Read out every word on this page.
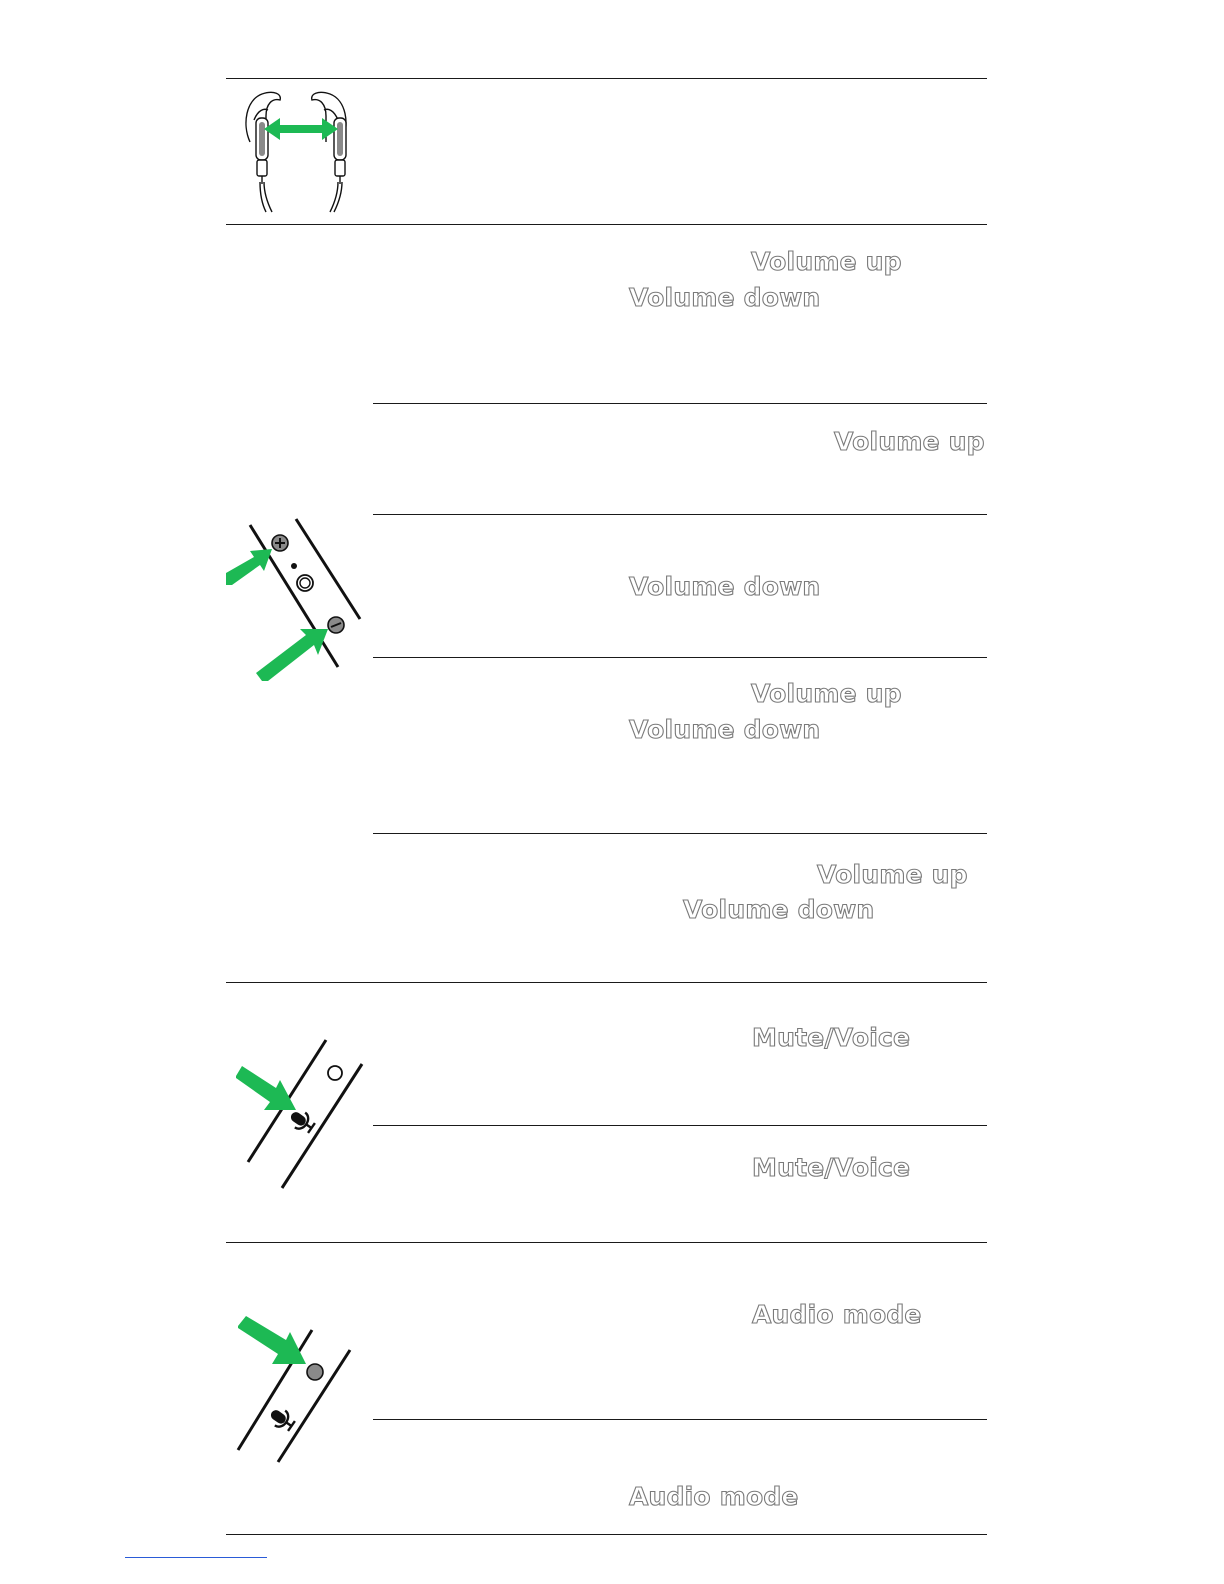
Volume up
Volume down
Volume up
Volume down
Volume up
Volume down
Volume up
Volume down
Mute/Voice
Mute/Voice
Audio mode
Audio mode
